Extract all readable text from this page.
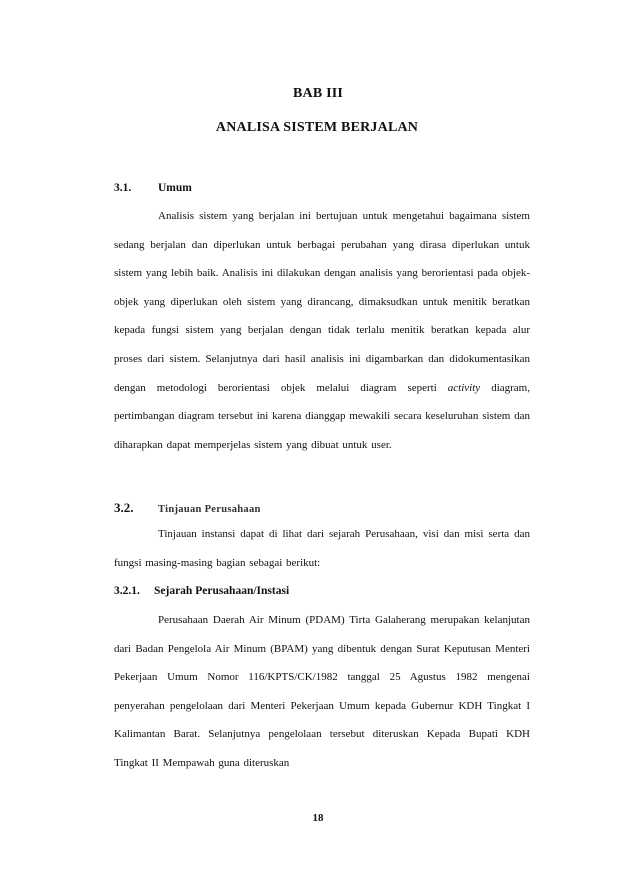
BAB III
ANALISA SISTEM BERJALAN
3.1. Umum

Analisis sistem yang berjalan ini bertujuan untuk mengetahui bagaimana sistem sedang berjalan dan diperlukan untuk berbagai perubahan yang dirasa diperlukan untuk sistem yang lebih baik. Analisis ini dilakukan dengan analisis yang berorientasi pada objek-objek yang diperlukan oleh sistem yang dirancang, dimaksudkan untuk menitik beratkan kepada fungsi sistem yang berjalan dengan tidak terlalu menitik beratkan kepada alur proses dari sistem. Selanjutnya dari hasil analisis ini digambarkan dan didokumentasikan dengan metodologi berorientasi objek melalui diagram seperti activity diagram, pertimbangan diagram tersebut ini karena dianggap mewakili secara keseluruhan sistem dan diharapkan dapat memperjelas sistem yang dibuat untuk user.

3.2. Tinjauan Perusahaan

Tinjauan instansi dapat di lihat dari sejarah Perusahaan, visi dan misi serta dan fungsi masing-masing bagian sebagai berikut:

3.2.1. Sejarah Perusahaan/Instasi

Perusahaan Daerah Air Minum (PDAM) Tirta Galaherang merupakan kelanjutan dari Badan Pengelola Air Minum (BPAM) yang dibentuk dengan Surat Keputusan Menteri Pekerjaan Umum Nomor 116/KPTS/CK/1982 tanggal 25 Agustus 1982 mengenai penyerahan pengelolaan dari Menteri Pekerjaan Umum kepada Gubernur KDH Tingkat I Kalimantan Barat. Selanjutnya pengelolaan tersebut diteruskan Kepada Bupati KDH Tingkat II Mempawah guna diteruskan

18
